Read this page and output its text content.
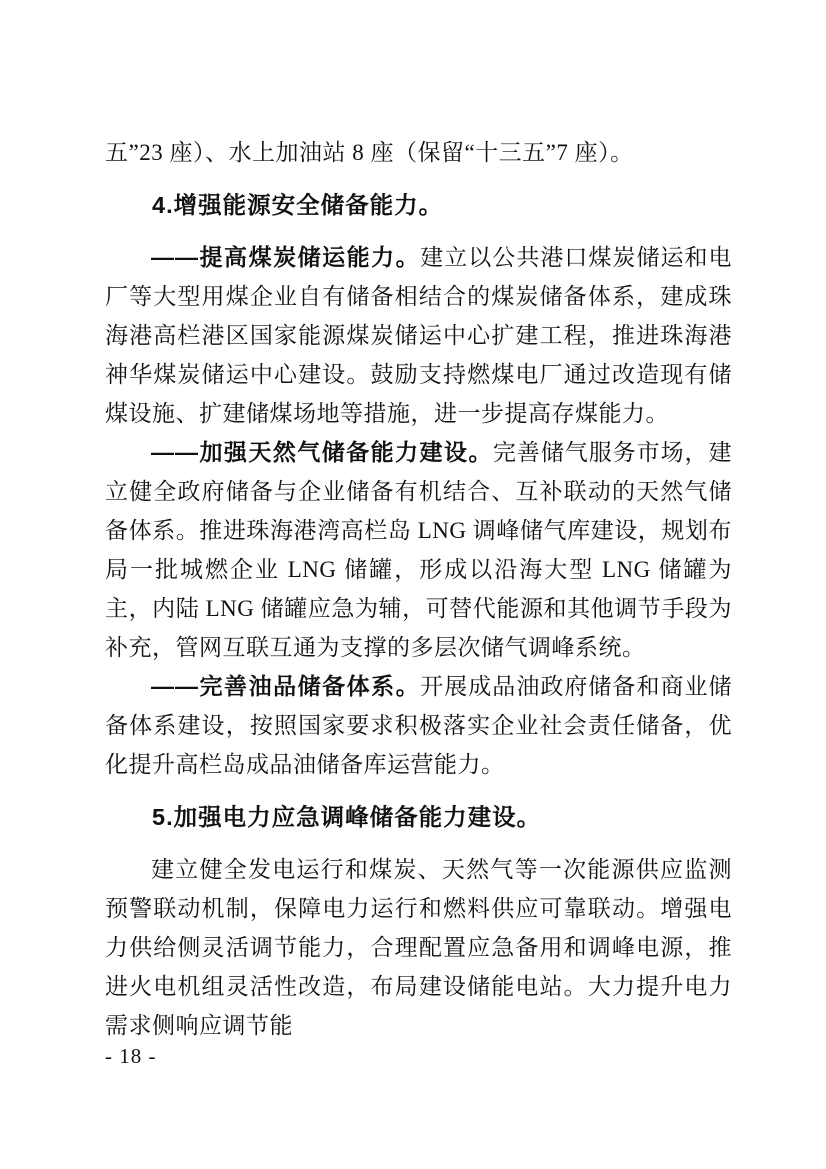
五”23 座）、水上加油站 8 座（保留“十三五”7 座）。

4.增强能源安全储备能力。

——提高煤炭储运能力。建立以公共港口煤炭储运和电厂等大型用煤企业自有储备相结合的煤炭储备体系，建成珠海港高栏港区国家能源煤炭储运中心扩建工程，推进珠海港神华煤炭储运中心建设。鼓励支持燃煤电厂通过改造现有储煤设施、扩建储煤场地等措施，进一步提高存煤能力。

——加强天然气储备能力建设。完善储气服务市场，建立健全政府储备与企业储备有机结合、互补联动的天然气储备体系。推进珠海港湾高栏岛 LNG 调峰储气库建设，规划布局一批城燃企业 LNG 储罐，形成以沿海大型 LNG 储罐为主，内陆 LNG 储罐应急为辅，可替代能源和其他调节手段为补充，管网互联互通为支撑的多层次储气调峰系统。

——完善油品储备体系。开展成品油政府储备和商业储备体系建设，按照国家要求积极落实企业社会责任储备，优化提升高栏岛成品油储备库运营能力。

5.加强电力应急调峰储备能力建设。

建立健全发电运行和煤炭、天然气等一次能源供应监测预警联动机制，保障电力运行和燃料供应可靠联动。增强电力供给侧灵活调节能力，合理配置应急备用和调峰电源，推进火电机组灵活性改造，布局建设储能电站。大力提升电力需求侧响应调节能

- 18 -
